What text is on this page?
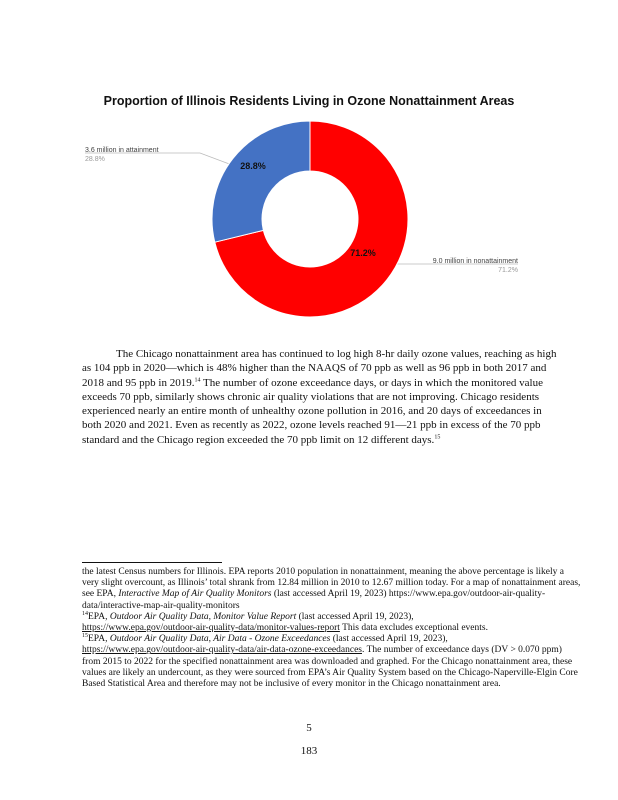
Proportion of Illinois Residents Living in Ozone Nonattainment Areas
71.2%
28.8%
3.6 million in attainment
28.8%
9.0 million in nonattainment
71.2%

The Chicago nonattainment area has continued to log high 8-hr daily ozone values, reaching as high as 104 ppb in 2020—which is 48% higher than the NAAQS of 70 ppb as well as 96 ppb in both 2017 and 2018 and 95 ppb in 2019.14 The number of ozone exceedance days, or days in which the monitored value exceeds 70 ppb, similarly shows chronic air quality violations that are not improving. Chicago residents experienced nearly an entire month of unhealthy ozone pollution in 2016, and 20 days of exceedances in both 2020 and 2021. Even as recently as 2022, ozone levels reached 91—21 ppb in excess of the 70 ppb standard and the Chicago region exceeded the 70 ppb limit on 12 different days.$^{15}$

the latest Census numbers for Illinois. EPA reports 2010 population in nonattainment, meaning the above percentage is likely a very slight overcount, as Illinois’ total shrank from 12.84 million in 2010 to 12.67 million today. For a map of nonattainment areas, see EPA, Interactive Map of Air Quality Monitors (last accessed April 19, 2023) https://www.epa.gov/outdoor-air-quality-data/interactive-map-air-quality-monitors

$^{14}$EPA, Outdoor Air Quality Data, Monitor Value Report (last accessed April 19, 2023),
https://www.epa.gov/outdoor-air-quality-data/monitor-values-report This data excludes exceptional events.

$^{15}$EPA, Outdoor Air Quality Data, Air Data - Ozone Exceedances (last accessed April 19, 2023),
https://www.epa.gov/outdoor-air-quality-data/air-data-ozone-exceedances. The number of exceedance days (DV > 0.070 ppm) from 2015 to 2022 for the specified nonattainment area was downloaded and graphed. For the Chicago nonattainment area, these values are likely an undercount, as they were sourced from EPA’s Air Quality System based on the Chicago-Naperville-Elgin Core Based Statistical Area and therefore may not be inclusive of every monitor in the Chicago nonattainment area.

5
183
